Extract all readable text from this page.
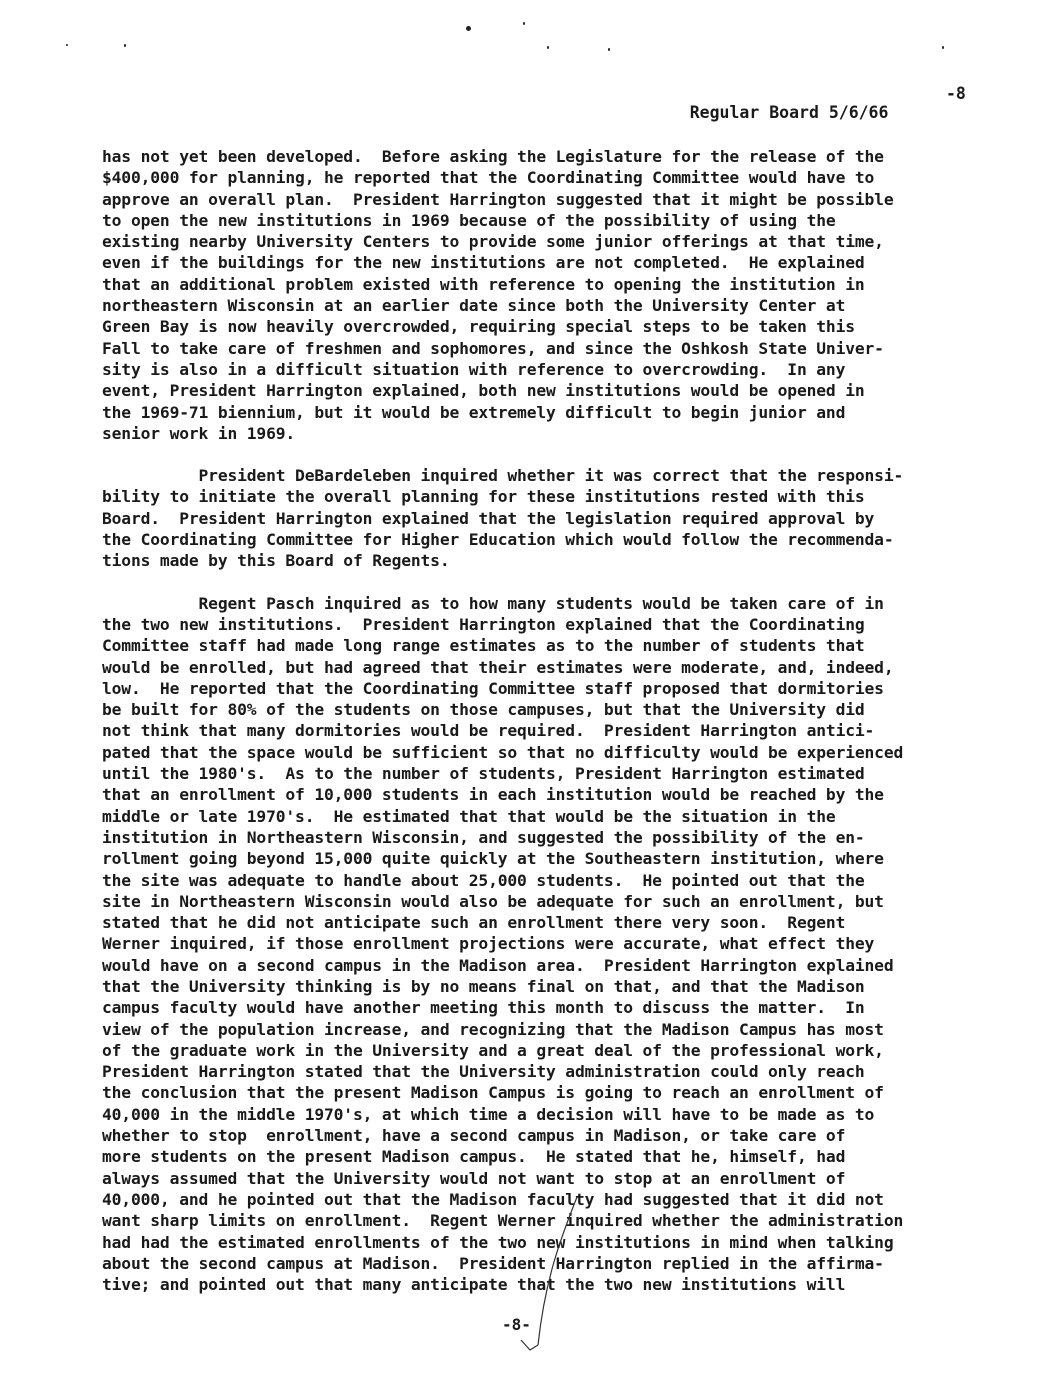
Regular Board 5/6/66

-8

has not yet been developed.  Before asking the Legislature for the release of the

$400,000 for planning, he reported that the Coordinating Committee would have to

approve an overall plan.  President Harrington suggested that it might be possible

to open the new institutions in 1969 because of the possibility of using the

existing nearby University Centers to provide some junior offerings at that time,

even if the buildings for the new institutions are not completed.  He explained

that an additional problem existed with reference to opening the institution in

northeastern Wisconsin at an earlier date since both the University Center at

Green Bay is now heavily overcrowded, requiring special steps to be taken this

Fall to take care of freshmen and sophomores, and since the Oshkosh State Univer-

sity is also in a difficult situation with reference to overcrowding.  In any

event, President Harrington explained, both new institutions would be opened in

the 1969-71 biennium, but it would be extremely difficult to begin junior and

senior work in 1969.

President DeBardeleben inquired whether it was correct that the responsi-

bility to initiate the overall planning for these institutions rested with this

Board.  President Harrington explained that the legislation required approval by

the Coordinating Committee for Higher Education which would follow the recommenda-

tions made by this Board of Regents.

Regent Pasch inquired as to how many students would be taken care of in

the two new institutions.  President Harrington explained that the Coordinating

Committee staff had made long range estimates as to the number of students that

would be enrolled, but had agreed that their estimates were moderate, and, indeed,

low.  He reported that the Coordinating Committee staff proposed that dormitories

be built for 80% of the students on those campuses, but that the University did

not think that many dormitories would be required.  President Harrington antici-

pated that the space would be sufficient so that no difficulty would be experienced

until the 1980's.  As to the number of students, President Harrington estimated

that an enrollment of 10,000 students in each institution would be reached by the

middle or late 1970's.  He estimated that that would be the situation in the

institution in Northeastern Wisconsin, and suggested the possibility of the en-

rollment going beyond 15,000 quite quickly at the Southeastern institution, where

the site was adequate to handle about 25,000 students.  He pointed out that the

site in Northeastern Wisconsin would also be adequate for such an enrollment, but

stated that he did not anticipate such an enrollment there very soon.  Regent

Werner inquired, if those enrollment projections were accurate, what effect they

would have on a second campus in the Madison area.  President Harrington explained

that the University thinking is by no means final on that, and that the Madison

campus faculty would have another meeting this month to discuss the matter.  In

view of the population increase, and recognizing that the Madison Campus has most

of the graduate work in the University and a great deal of the professional work,

President Harrington stated that the University administration could only reach

the conclusion that the present Madison Campus is going to reach an enrollment of

40,000 in the middle 1970's, at which time a decision will have to be made as to

whether to stop  enrollment, have a second campus in Madison, or take care of

more students on the present Madison campus.  He stated that he, himself, had

always assumed that the University would not want to stop at an enrollment of

40,000, and he pointed out that the Madison faculty had suggested that it did not

want sharp limits on enrollment.  Regent Werner inquired whether the administration

had had the estimated enrollments of the two new institutions in mind when talking

about the second campus at Madison.  President Harrington replied in the affirma-

tive; and pointed out that many anticipate that the two new institutions will

-8-
